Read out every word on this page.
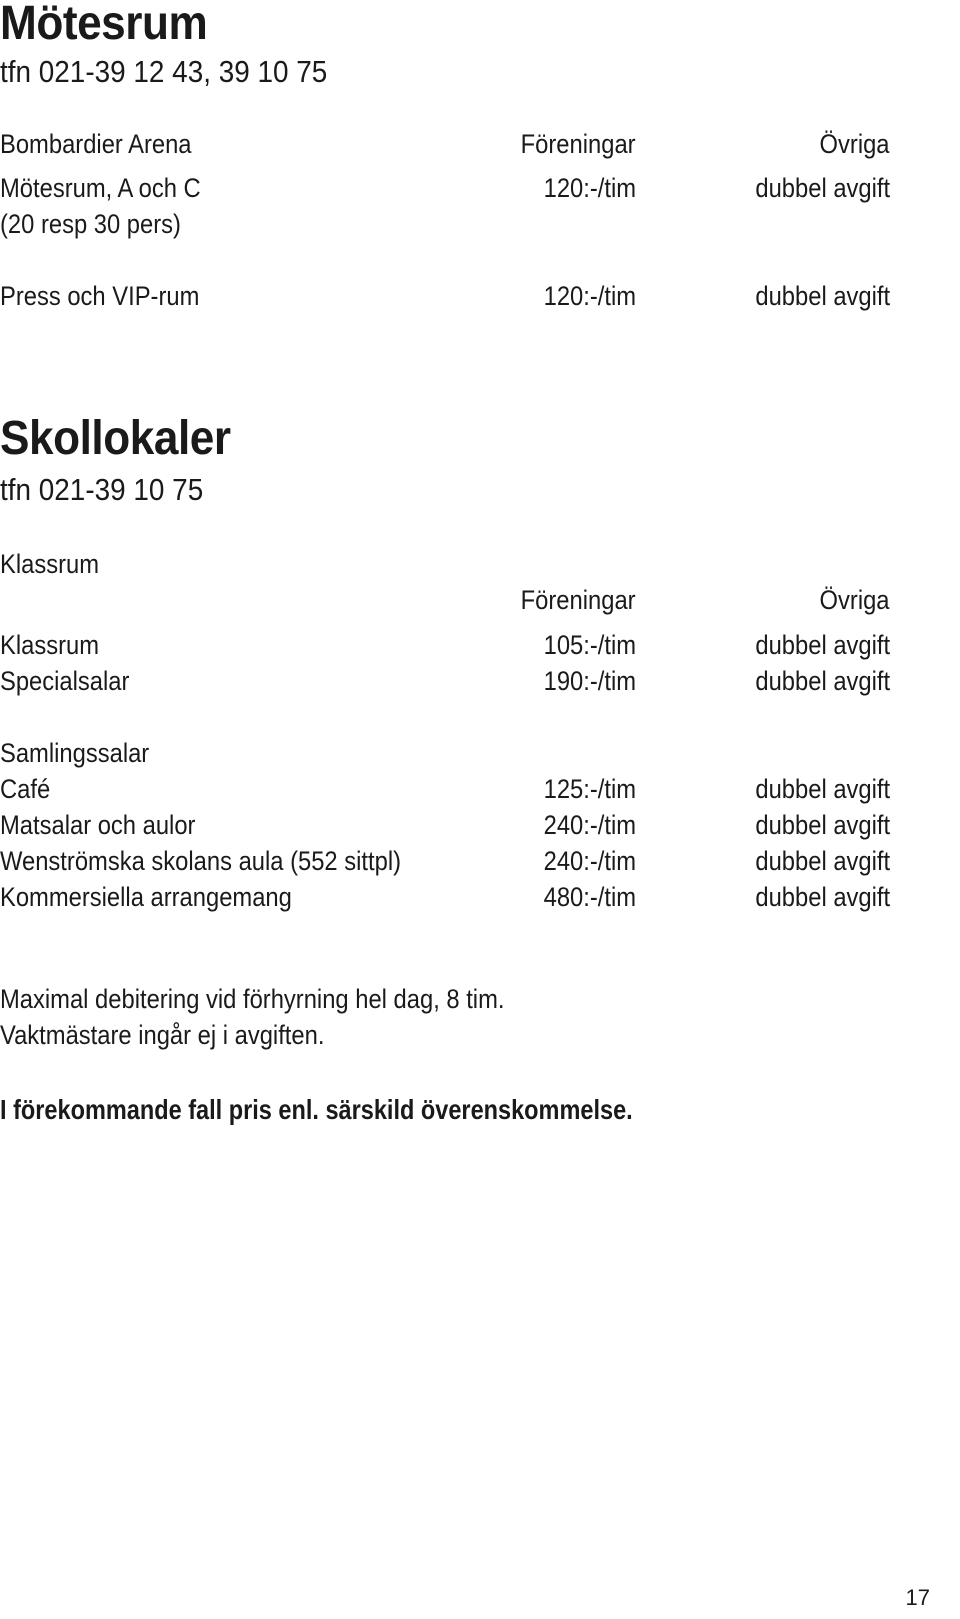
Mötesrum
tfn 021-39 12 43, 39 10 75
Bombardier Arena	Föreningar	Övriga
Mötesrum, A och C	120:-/tim	dubbel avgift
(20 resp 30 pers)
Press och VIP-rum	120:-/tim	dubbel avgift
Skollokaler
tfn 021-39 10 75
Klassrum
Föreningar	Övriga
Klassrum	105:-/tim	dubbel avgift
Specialsalar	190:-/tim	dubbel avgift
Samlingssalar
Café	125:-/tim	dubbel avgift
Matsalar och aulor	240:-/tim	dubbel avgift
Wenströmska skolans aula (552 sittpl)	240:-/tim	dubbel avgift
Kommersiella arrangemang	480:-/tim	dubbel avgift
Maximal debitering vid förhyrning hel dag, 8 tim.
Vaktmästare ingår ej i avgiften.
I förekommande fall pris enl. särskild överenskommelse.
17
